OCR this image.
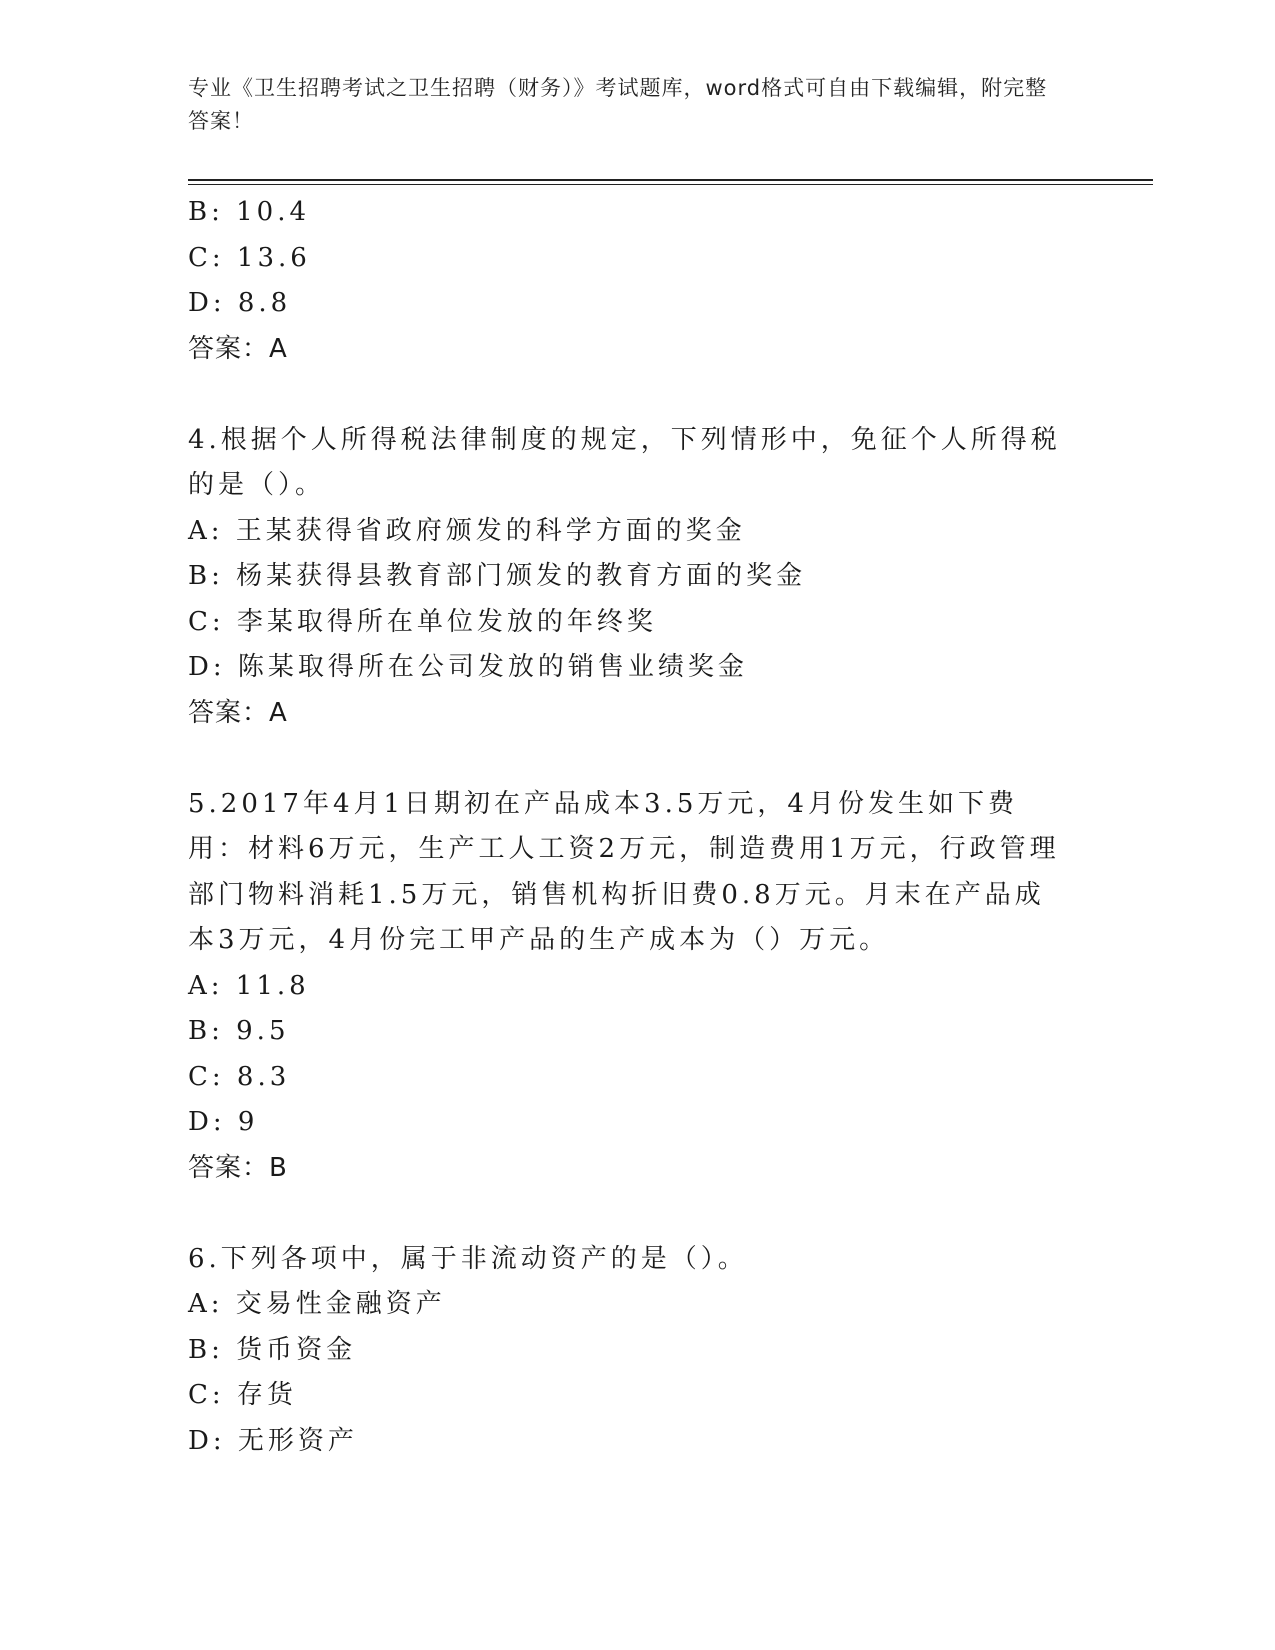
专业《卫生招聘考试之卫生招聘（财务）》考试题库，word格式可自由下载编辑，附完整答案！
B: 10.4
C: 13.6
D: 8.8
答案：A
4.根据个人所得税法律制度的规定，下列情形中，免征个人所得税的是（）。
A: 王某获得省政府颁发的科学方面的奖金
B: 杨某获得县教育部门颁发的教育方面的奖金
C: 李某取得所在单位发放的年终奖
D: 陈某取得所在公司发放的销售业绩奖金
答案：A
5.2017年4月1日期初在产品成本3.5万元，4月份发生如下费用：材料6万元，生产工人工资2万元，制造费用1万元，行政管理部门物料消耗1.5万元，销售机构折旧费0.8万元。月末在产品成本3万元，4月份完工甲产品的生产成本为（）万元。
A: 11.8
B: 9.5
C: 8.3
D: 9
答案：B
6.下列各项中，属于非流动资产的是（）。
A: 交易性金融资产
B: 货币资金
C: 存货
D: 无形资产
